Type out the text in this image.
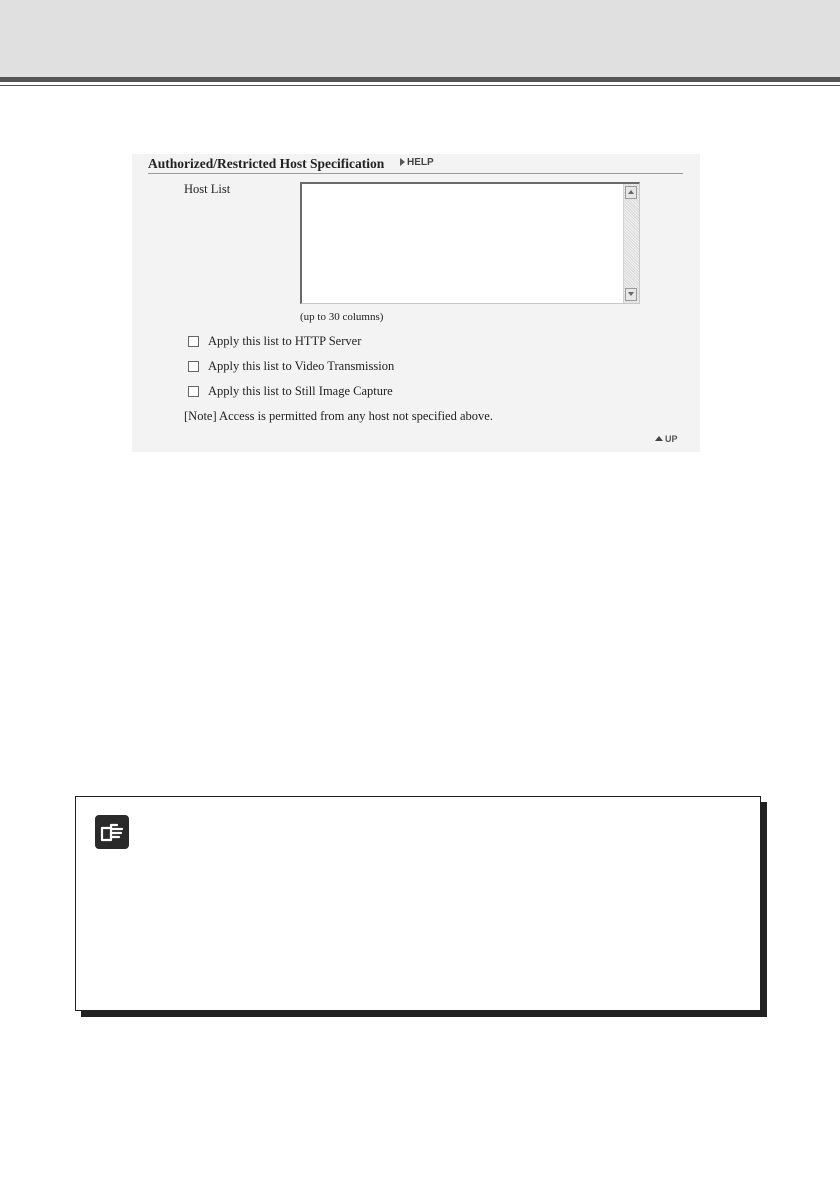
Authorized/Restricted Host Specification	HELP
Host List
(up to 30 columns)
Apply this list to HTTP Server
Apply this list to Video Transmission
Apply this list to Still Image Capture
[Note] Access is permitted from any host not specified above.
UP
